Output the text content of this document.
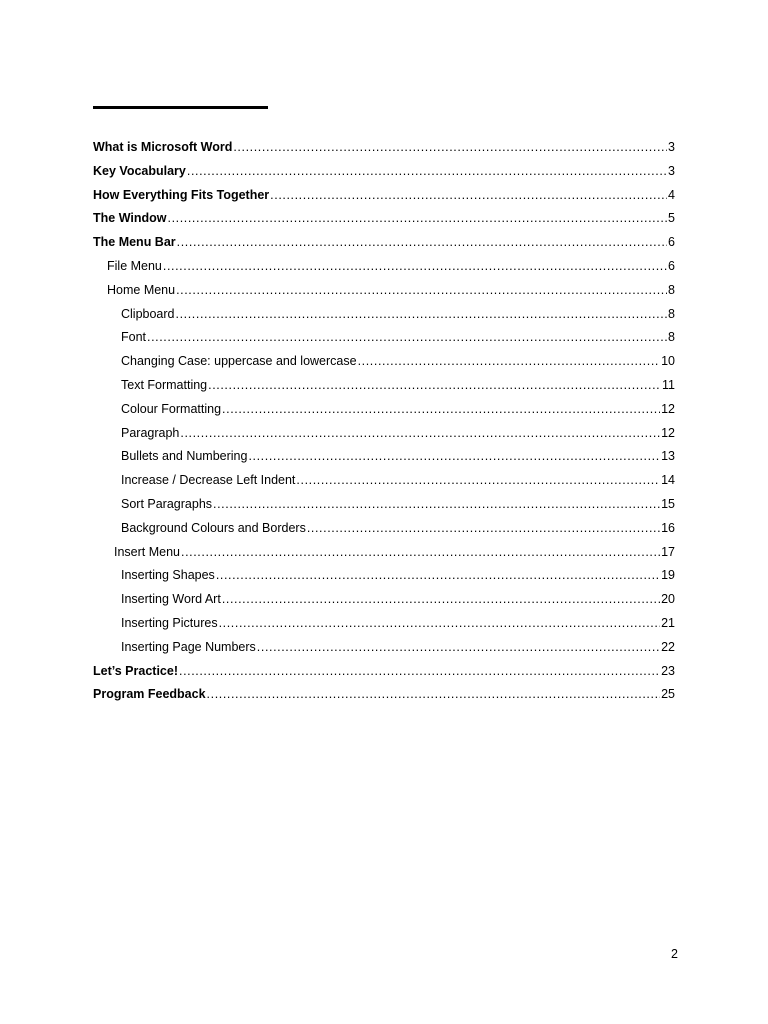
What is Microsoft Word .....	3
Key Vocabulary .....	3
How Everything Fits Together .....	4
The Window .....	5
The Menu Bar .....	6
File Menu .....	6
Home Menu .....	8
Clipboard .....	8
Font .....	8
Changing Case: uppercase and lowercase .....	10
Text Formatting .....	11
Colour Formatting .....	12
Paragraph .....	12
Bullets and Numbering .....	13
Increase / Decrease Left Indent .....	14
Sort Paragraphs .....	15
Background Colours and Borders .....	16
Insert Menu .....	17
Inserting Shapes .....	19
Inserting Word Art .....	20
Inserting Pictures .....	21
Inserting Page Numbers .....	22
Let’s Practice! .....	23
Program Feedback .....	25
2
